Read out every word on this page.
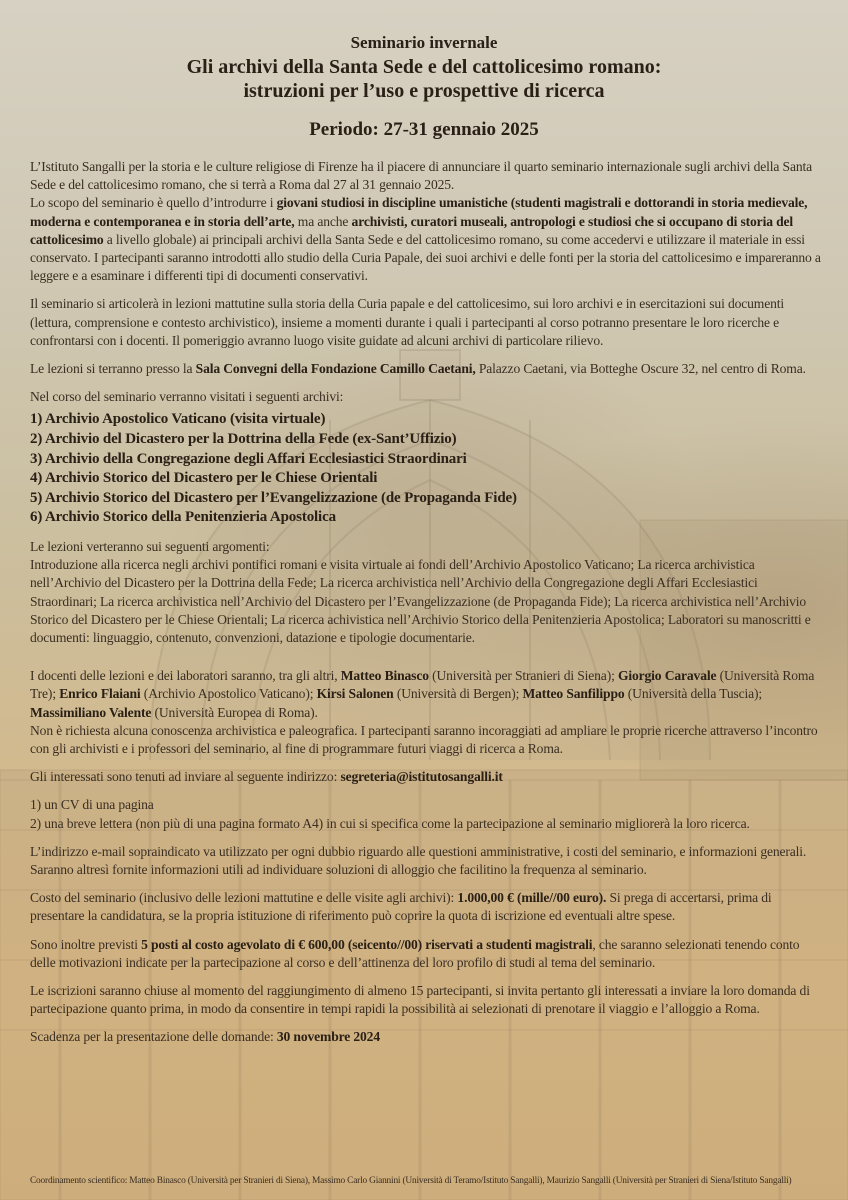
Seminario invernale
Gli archivi della Santa Sede e del cattolicesimo romano:
istruzioni per l’uso e prospettive di ricerca
Periodo: 27-31 gennaio 2025

L’Istituto Sangalli per la storia e le culture religiose di Firenze ha il piacere di annunciare il quarto seminario internazionale sugli archivi della Santa Sede e del cattolicesimo romano, che si terrà a Roma dal 27 al 31 gennaio 2025.
Lo scopo del seminario è quello d’introdurre i giovani studiosi in discipline umanistiche (studenti magistrali e dottorandi in storia medievale, moderna e contemporanea e in storia dell’arte, ma anche archivisti, curatori museali, antropologi e studiosi che si occupano di storia del cattolicesimo a livello globale) ai principali archivi della Santa Sede e del cattolicesimo romano, su come accedervi e utilizzare il materiale in essi conservato. I partecipanti saranno introdotti allo studio della Curia Papale, dei suoi archivi e delle fonti per la storia del cattolicesimo e impareranno a leggere e a esaminare i differenti tipi di documenti conservativi.

Il seminario si articolerà in lezioni mattutine sulla storia della Curia papale e del cattolicesimo, sui loro archivi e in esercitazioni sui documenti (lettura, comprensione e contesto archivistico), insieme a momenti durante i quali i partecipanti al corso potranno presentare le loro ricerche e confrontarsi con i docenti. Il pomeriggio avranno luogo visite guidate ad alcuni archivi di particolare rilievo.

Le lezioni si terranno presso la Sala Convegni della Fondazione Camillo Caetani, Palazzo Caetani, via Botteghe Oscure 32, nel centro di Roma.

Nel corso del seminario verranno visitati i seguenti archivi:

1) Archivio Apostolico Vaticano (visita virtuale)
2) Archivio del Dicastero per la Dottrina della Fede (ex-Sant’Uffizio)
3) Archivio della Congregazione degli Affari Ecclesiastici Straordinari
4) Archivio Storico del Dicastero per le Chiese Orientali
5) Archivio Storico del Dicastero per l’Evangelizzazione (de Propaganda Fide)
6) Archivio Storico della Penitenzieria Apostolica

Le lezioni verteranno sui seguenti argomenti:
Introduzione alla ricerca negli archivi pontifici romani e visita virtuale ai fondi dell’Archivio Apostolico Vaticano; La ricerca archivistica nell’Archivio del Dicastero per la Dottrina della Fede; La ricerca archivistica nell’Archivio della Congregazione degli Affari Ecclesiastici Straordinari; La ricerca archivistica nell’Archivio del Dicastero per l’Evangelizzazione (de Propaganda Fide); La ricerca archivistica nell’Archivio Storico del Dicastero per le Chiese Orientali; La ricerca achivistica nell’Archivio Storico della Penitenzieria Apostolica; Laboratori su manoscritti e documenti: linguaggio, contenuto, convenzioni, datazione e tipologie documentarie.

I docenti delle lezioni e dei laboratori saranno, tra gli altri, Matteo Binasco (Università per Stranieri di Siena); Giorgio Caravale (Università Roma Tre); Enrico Flaiani (Archivio Apostolico Vaticano); Kirsi Salonen (Università di Bergen); Matteo Sanfilippo (Università della Tuscia); Massimiliano Valente (Università Europea di Roma).
Non è richiesta alcuna conoscenza archivistica e paleografica. I partecipanti saranno incoraggiati ad ampliare le proprie ricerche attraverso l’incontro con gli archivisti e i professori del seminario, al fine di programmare futuri viaggi di ricerca a Roma.

Gli interessati sono tenuti ad inviare al seguente indirizzo: segreteria@istitutosangalli.it

1) un CV di una pagina
2) una breve lettera (non più di una pagina formato A4) in cui si specifica come la partecipazione al seminario migliorerà la loro ricerca.

L’indirizzo e-mail sopraindicato va utilizzato per ogni dubbio riguardo alle questioni amministrative, i costi del seminario, e informazioni generali. Saranno altresì fornite informazioni utili ad individuare soluzioni di alloggio che facilitino la frequenza al seminario.

Costo del seminario (inclusivo delle lezioni mattutine e delle visite agli archivi): 1.000,00 € (mille//00 euro). Si prega di accertarsi, prima di presentare la candidatura, se la propria istituzione di riferimento può coprire la quota di iscrizione ed eventuali altre spese.

Sono inoltre previsti 5 posti al costo agevolato di € 600,00 (seicento//00) riservati a studenti magistrali, che saranno selezionati tenendo conto delle motivazioni indicate per la partecipazione al corso e dell’attinenza del loro profilo di studi al tema del seminario.

Le iscrizioni saranno chiuse al momento del raggiungimento di almeno 15 partecipanti, si invita pertanto gli interessati a inviare la loro domanda di partecipazione quanto prima, in modo da consentire in tempi rapidi la possibilità ai selezionati di prenotare il viaggio e l’alloggio a Roma.

Scadenza per la presentazione delle domande: 30 novembre 2024

Coordinamento scientifico: Matteo Binasco (Università per Stranieri di Siena), Massimo Carlo Giannini (Università di Teramo/Istituto Sangalli), Maurizio Sangalli (Università per Stranieri di Siena/Istituto Sangalli)
